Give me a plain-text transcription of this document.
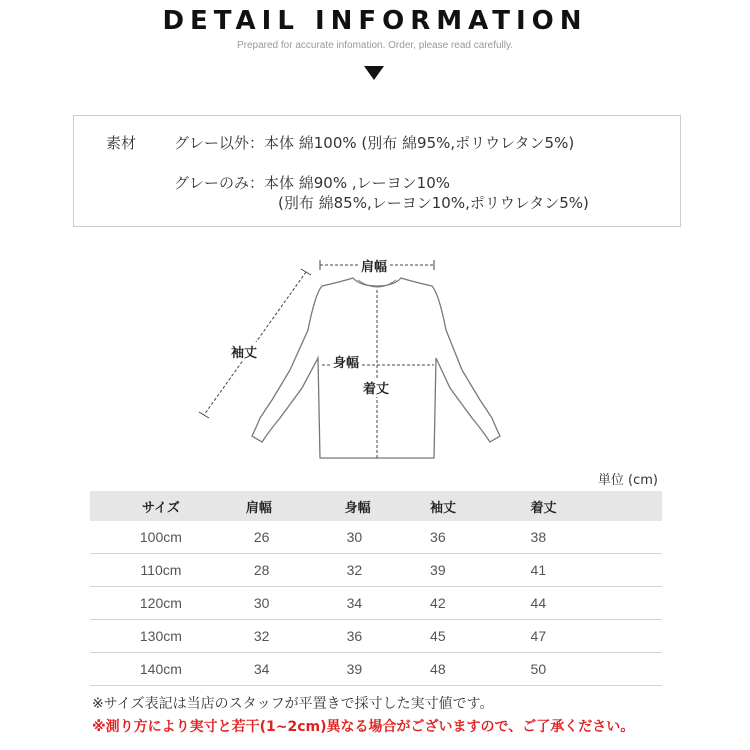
DETAIL INFORMATION
Prepared for accurate infomation. Order, please read carefully.
素材	グレー以外：本体 綿100% (別布 綿95%,ポリウレタン5%)
グレーのみ：本体 綿90% ,レーヨン10%
(別布 綿85%,レーヨン10%,ポリウレタン5%)
肩幅
袖丈
身幅
着丈
単位 (cm)
サイズ	肩幅	身幅	袖丈	着丈
100cm	26	30	36	38
110cm	28	32	39	41
120cm	30	34	42	44
130cm	32	36	45	47
140cm	34	39	48	50
※サイズ表記は当店のスタッフが平置きで採寸した実寸値です。
※測り方により実寸と若干(1~2cm)異なる場合がございますので、ご了承ください。
